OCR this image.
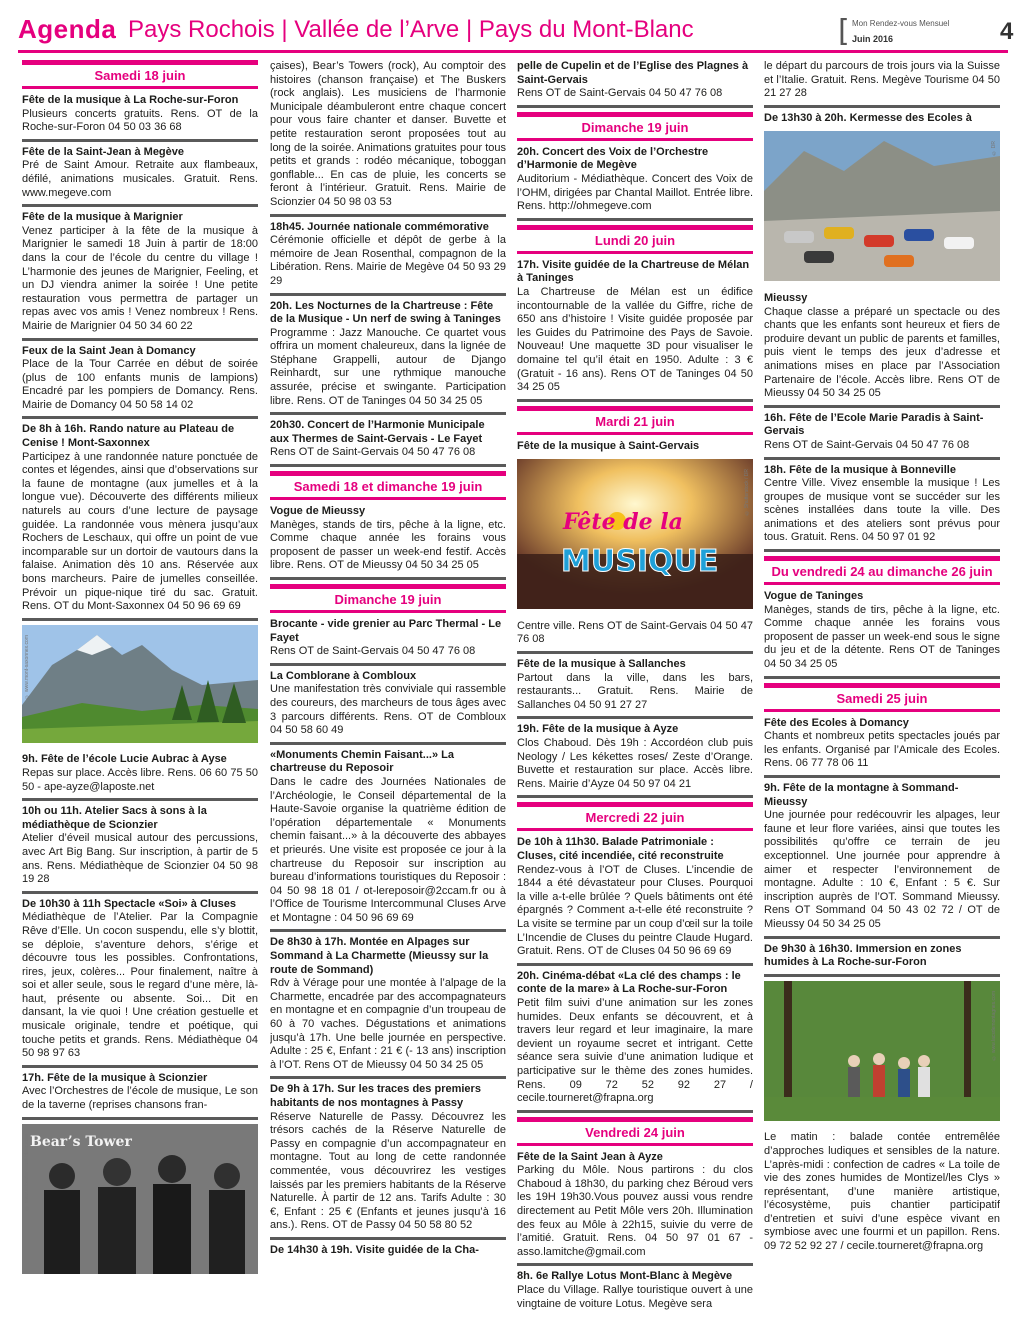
Agenda Pays Rochois | Vallée de l’Arve | Pays du Mont-Blanc	[ Mon Rendez-vous Mensuel
Juin 2016	4
Samedi 18 juin
Fête de la musique à La Roche-sur-Foron
Plusieurs concerts gratuits. Rens. OT de la Roche-sur-Foron 04 50 03 36 68
Fête de la Saint-Jean à Megève
Pré de Saint Amour. Retraite aux flambeaux, défilé, animations musicales. Gratuit. Rens. www.megeve.com
Fête de la musique à Marignier
Venez participer à la fête de la musique à Marignier le samedi 18 Juin à partir de 18:00 dans la cour de l’école du centre du village ! L’harmonie des jeunes de Marignier, Feeling, et un DJ viendra animer la soirée ! Une petite restauration vous permettra de partager un repas avec vos amis ! Venez nombreux ! Rens. Mairie de Marignier 04 50 34 60 22
Feux de la Saint Jean à Domancy
Place de la Tour Carrée en début de soirée (plus de 100 enfants munis de lampions) Encadré par les pompiers de Domancy. Rens. Mairie de Domancy 04 50 58 14 02
De 8h à 16h. Rando nature au Plateau de Cenise ! Mont-Saxonnex
Participez à une randonnée nature ponctuée de contes et légendes, ainsi que d’observations sur la faune de montagne (aux jumelles et à la longue vue). Découverte des différents milieux naturels au cours d’une lecture de paysage guidée. La randonnée vous mènera jusqu’aux Rochers de Leschaux, qui offre un point de vue incomparable sur un dortoir de vautours dans la falaise. Animation dès 10 ans. Réservée aux bons marcheurs. Paire de jumelles conseillée. Prévoir un pique-nique tiré du sac. Gratuit. Rens. OT du Mont-Saxonnex 04 50 96 69 69
© www.mont-saxonnex.com
9h. Fête de l’école Lucie Aubrac à Ayse
Repas sur place. Accès libre. Rens. 06 60 75 50 50 - ape-ayze@laposte.net
10h ou 11h. Atelier Sacs à sons à la médiathèque de Scionzier
Atelier d’éveil musical autour des percussions, avec Art Big Bang. Sur inscription, à partir de 5 ans. Rens. Médiathèque de Scionzier 04 50 98 19 28
De 10h30 à 11h Spectacle «Soi» à Cluses
Médiathèque de l’Atelier. Par la Compagnie Rêve d’Elle. Un cocon suspendu, elle s’y blottit, se déploie, s’aventure dehors, s’érige et découvre tous les possibles. Confrontations, rires, jeux, colères... Pour finalement, naître à soi et aller seule, sous le regard d’une mère, là-haut, présente ou absente. Soi... Dit en dansant, la vie quoi ! Une création gestuelle et musicale originale, tendre et poétique, qui touche petits et grands. Rens. Médiathèque 04 50 98 97 63
17h. Fête de la musique à Scionzier
Avec l’Orchestres de l’école de musique, Le son de la taverne (reprises chansons fran-
Bear’s Tower
© www.scionzier-mont-blanc.com
çaises), Bear’s Towers (rock), Au comptoir des histoires (chanson française) et The Buskers (rock anglais). Les musiciens de l’harmonie Municipale déambuleront entre chaque concert pour vous faire chanter et danser. Buvette et petite restauration seront proposées tout au long de la soirée. Animations gratuites pour tous petits et grands : rodéo mécanique, toboggan gonflable... En cas de pluie, les concerts se feront à l’intérieur. Gratuit. Rens. Mairie de Scionzier 04 50 98 03 53
18h45. Journée nationale commémorative
Cérémonie officielle et dépôt de gerbe à la mémoire de Jean Rosenthal, compagnon de la Libération. Rens. Mairie de Megève 04 50 93 29 29
20h. Les Nocturnes de la Chartreuse : Fête de la Musique - Un nerf de swing à Taninges
Programme : Jazz Manouche. Ce quartet vous offrira un moment chaleureux, dans la lignée de Stéphane Grappelli, autour de Django Reinhardt, sur une rythmique manouche assurée, précise et swingante. Participation libre. Rens. OT de Taninges 04 50 34 25 05
20h30. Concert de l’Harmonie Municipale aux Thermes de Saint-Gervais - Le Fayet
Rens OT de Saint-Gervais 04 50 47 76 08
Samedi 18 et dimanche 19 juin
Vogue de Mieussy
Manèges, stands de tirs, pêche à la ligne, etc. Comme chaque année les forains vous proposent de passer un week-end festif. Accès libre. Rens. OT de Mieussy 04 50 34 25 05
Dimanche 19 juin
Brocante - vide grenier au Parc Thermal - Le Fayet
Rens OT de Saint-Gervais 04 50 47 76 08
La Comblorane à Combloux
Une manifestation très conviviale qui rassemble des coureurs, des marcheurs de tous âges avec 3 parcours différents. Rens. OT de Combloux 04 50 58 60 49
«Monuments Chemin Faisant...» La chartreuse du Reposoir
Dans le cadre des Journées Nationales de l’Archéologie, le Conseil départemental de la Haute-Savoie organise la quatrième édition de l’opération départementale « Monuments chemin faisant...» à la découverte des abbayes et prieurés. Une visite est proposée ce jour à la chartreuse du Reposoir sur inscription au bureau d’informations touristiques du Reposoir : 04 50 98 18 01 / ot-lereposoir@2ccam.fr ou à l’Office de Tourisme Intercommunal Cluses Arve et Montagne : 04 50 96 69 69
De 8h30 à 17h. Montée en Alpages sur Sommand à La Charmette (Mieussy sur la route de Sommand)
Rdv à Vérage pour une montée à l’alpage de la Charmette, encadrée par des accompagnateurs en montagne et en compagnie d’un troupeau de 60 à 70 vaches. Dégustations et animations jusqu’à 17h. Une belle journée en perspective. Adulte : 25 €, Enfant : 21 € (- 13 ans) inscription à l’OT. Rens OT de Mieussy 04 50 34 25 05
De 9h à 17h. Sur les traces des premiers habitants de nos montagnes à Passy
Réserve Naturelle de Passy. Découvrez les trésors cachés de la Réserve Naturelle de Passy en compagnie d’un accompagnateur en montagne. Tout au long de cette randonnée commentée, vous découvrirez les vestiges laissés par les premiers habitants de la Réserve Naturelle. À partir de 12 ans. Tarifs Adulte : 30 €, Enfant : 25 € (Enfants et jeunes jusqu’à 16 ans.). Rens. OT de Passy 04 50 58 80 52
De 14h30 à 19h. Visite guidée de la Cha-
pelle de Cupelin et de l’Eglise des Plagnes à Saint-Gervais
Rens OT de Saint-Gervais 04 50 47 76 08
Dimanche 19 juin
20h. Concert des Voix de l’Orchestre d’Harmonie de Megève
Auditorium - Médiathèque. Concert des Voix de l’OHM, dirigées par Chantal Maillot. Entrée libre. Rens. http://ohmegeve.com
Lundi 20 juin
17h. Visite guidée de la Chartreuse de Mélan à Taninges
La Chartreuse de Mélan est un édifice incontournable de la vallée du Giffre, riche de 650 ans d’histoire ! Visite guidée proposée par les Guides du Patrimoine des Pays de Savoie. Nouveau! Une maquette 3D pour visualiser le domaine tel qu’il était en 1950. Adulte : 3 € (Gratuit - 16 ans). Rens OT de Taninges 04 50 34 25 05
Mardi 21 juin
Fête de la musique à Saint-Gervais
Fête de la
MUSIQUE
© Shutterstock / DR
Centre ville. Rens OT de Saint-Gervais 04 50 47 76 08
Fête de la musique à Sallanches
Partout dans la ville, dans les bars, restaurants... Gratuit. Rens. Mairie de Sallanches 04 50 91 27 27
19h. Fête de la musique à Ayze
Clos Chaboud. Dès 19h : Accordéon club puis Neology / Les kékettes roses/ Zeste d’Orange. Buvette et restauration sur place. Accès libre. Rens. Mairie d’Ayze 04 50 97 04 21
Mercredi 22 juin
De 10h à 11h30. Balade Patrimoniale : Cluses, cité incendiée, cité reconstruite
Rendez-vous à l’OT de Cluses. L’incendie de 1844 a été dévastateur pour Cluses. Pourquoi la ville a-t-elle brûlée ? Quels bâtiments ont été épargnés ? Comment a-t-elle été reconstruite ? La visite se termine par un coup d’œil sur la toile L’Incendie de Cluses du peintre Claude Hugard. Gratuit. Rens. OT de Cluses 04 50 96 69 69
20h. Cinéma-débat «La clé des champs : le conte de la mare» à La Roche-sur-Foron
Petit film suivi d’une animation sur les zones humides. Deux enfants se découvrent, et à travers leur regard et leur imaginaire, la mare devient un royaume secret et intrigant. Cette séance sera suivie d’une animation ludique et participative sur le thème des zones humides. Rens. 09 72 52 92 27 / cecile.tourneret@frapna.org
Vendredi 24 juin
Fête de la Saint Jean à Ayze
Parking du Môle. Nous partirons : du clos Chaboud à 18h30, du parking chez Béroud vers les 19H 19h30.Vous pouvez aussi vous rendre directement au Petit Môle vers 20h. Illumination des feux au Môle à 22h15, suivie du verre de l’amitié. Gratuit. Rens. 04 50 97 01 67 - asso.lamitche@gmail.com
8h. 6e Rallye Lotus Mont-Blanc à Megève
Place du Village. Rallye touristique ouvert à une vingtaine de voiture Lotus. Megève sera
le départ du parcours de trois jours via la Suisse et l’Italie. Gratuit. Rens. Megève Tourisme 04 50 21 27 28
De 13h30 à 20h. Kermesse des Ecoles à
© DR
Mieussy
Chaque classe a préparé un spectacle ou des chants que les enfants sont heureux et fiers de produire devant un public de parents et familles, puis vient le temps des jeux d’adresse et animations mises en place par l’Association Partenaire de l’école. Accès libre. Rens OT de Mieussy 04 50 34 25 05
16h. Fête de l’Ecole Marie Paradis à Saint-Gervais
Rens OT de Saint-Gervais 04 50 47 76 08
18h. Fête de la musique à Bonneville
Centre Ville. Vivez ensemble la musique ! Les groupes de musique vont se succéder sur les scènes installées dans toute la ville. Des animations et des ateliers sont prévus pour tous. Gratuit. Rens. 04 50 97 01 92
Du vendredi 24 au dimanche 26 juin
Vogue de Taninges
Manèges, stands de tirs, pêche à la ligne, etc. Comme chaque année les forains vous proposent de passer un week-end sous le signe du jeu et de la détente. Rens OT de Taninges 04 50 34 25 05
Samedi 25 juin
Fête des Ecoles à Domancy
Chants et nombreux petits spectacles joués par les enfants. Organisé par l’Amicale des Ecoles. Rens. 06 77 78 06 11
9h. Fête de la montagne à Sommand-Mieussy
Une journée pour redécouvrir les alpages, leur faune et leur flore variées, ainsi que toutes les possibilités qu’offre ce terrain de jeu exceptionnel. Une journée pour apprendre à aimer et respecter l’environnement de montagne. Adulte : 10 €, Enfant : 5 €. Sur inscription auprès de l’OT. Sommand Mieussy. Rens OT Sommand 04 50 43 02 72 / OT de Mieussy 04 50 34 25 05
De 9h30 à 16h30. Immersion en zones humides à La Roche-sur-Foron
© www.lacsdemontagnes.com
Le matin : balade contée entremêlée d’approches ludiques et sensibles de la nature. L’après-midi : confection de cadres « La toile de vie des zones humides de Montizel/les Clys » représentant, d’une manière artistique, l’écosystème, puis chantier participatif d’entretien et suivi d’une espèce vivant en symbiose avec une fourmi et un papillon. Rens. 09 72 52 92 27 / cecile.tourneret@frapna.org
